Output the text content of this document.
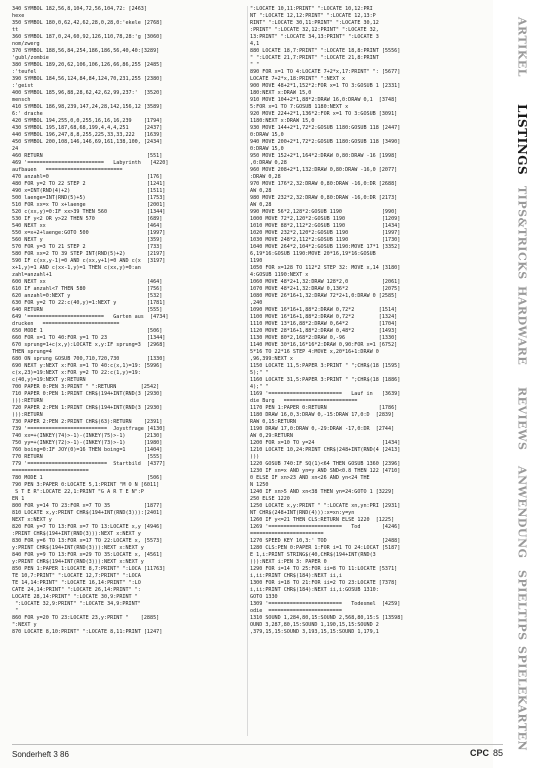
340 SYMBOL 182,56,8,104,72,56,104,72: [2463]
hexe
350 SYMBOL 180,0,62,42,62,28,0,28,0:'ekele [2768]
tt
360 SYMBOL 187,0,24,60,92,126,110,78,28:'g [3060]
nom/zwerg
370 SYMBOL 188,56,84,254,186,186,56,40,40:[3289]
'gubl/zombie
380 SYMBOL 189,20,62,106,106,126,66,86,255 [2485]
:'teufel
390 SYMBOL 184,56,124,84,84,124,70,231,255 [2380]
:'geist
400 SYMBOL 185,96,88,28,62,42,62,99,237:'  [3520]
mensch
410 SYMBOL 186,98,239,147,24,28,142,156,12 [3589]
6:' drache
420 SYMBOL 194,255,0,0,255,16,16,16,239    [1794]
430 SYMBOL 195,187,68,68,199,4,4,4,251     [2437]
440 SYMBOL 196,247,8,8,255,225,33,33,222   [1639]
450 SYMBOL 200,108,146,146,69,161,138,100, [2434]
24
460 RETURN                                  [551]
469 '=========================   Labyrinth   [4220]
aufbauen   =========================
470 anzahl=0                                [176]
480 FOR y=2 TO 22 STEP 2                    [1241]
490 x=INT(RND(4)+2)                         [1511]
500 laenge=INT(RND(5)+5)                    [1753]
510 FOR xx=x TO x+laenge                    [2001]
520 c(xx,y)=0:IF xx>39 THEN 560             [1344]
530 IF y<2 OR y>22 THEN 570                 [689]
540 NEXT xx                                 [464]
550 x=x+2+laenge:GOTO 500                   [1997]
560 NEXT y                                  [359]
570 FOR y=3 TO 21 STEP 2                    [733]
580 FOR xx=2 TO 39 STEP INT(RND(5)+2)       [2197]
590 IF c(xx,y-1)=0 AND c(xx,y+1)=0 AND c(x  [3197]
x+1,y)=1 AND c(xx-1,y)=1 THEN c(xx,y)=0:an
zahl=anzahl+1
600 NEXT xx                                 [464]
610 IF anzahl<7 THEN 580                    [756]
620 anzahl=0:NEXT y                         [532]
630 FOR y=2 TO 22:c(40,y)=1:NEXT y          [1781]
640 RETURN                                  [555]
649 '=========================   Garten aus  [4734]
drucken   =========================
650 MODE 1                                  [506]
660 FOR x=1 TO 40:FOR y=1 TO 23             [1344]
670 sprung=1+c(x,y):LOCATE x,y:IF sprung=3  [2968]
THEN sprung=4
680 ON sprung GOSUB 700,710,720,730         [1330]
690 NEXT y:NEXT x:FOR x=1 TO 40:c(x,1)=19: [5996]
c(x,23)=19:NEXT x:FOR y=2 TO 22:c(1,y)=19:
c(40,y)=19:NEXT y:RETURN
700 PAPER 0:PEN 3:PRINT " ":RETURN        [2542]
710 PAPER 0:PEN 1:PRINT CHR$(194+INT(RND(3 [2930]
))):RETURN
720 PAPER 2:PEN 1:PRINT CHR$(194+INT(RND(3 [2930]
))):RETURN
730 PAPER 2:PEN 2:PRINT CHR$(63):RETURN    [2391]
739 '==========================  Joystfrage [4130]
740 xx=+(INKEY(74)>-1)-(INKEY(75)>-1)      [2130]
750 yy=+(INKEY(72)>-1)-(INKEY(73)>-1)      [1980]
760 boing=0:IF JOY(0)=16 THEN boing=1      [1404]
770 RETURN                                  [555]
779 '==========================  Startbild  [4377]
=========================
780 MODE 1                                  [506]
790 PEN 3:PAPER 0:LOCATE 5,1:PRINT "M O N [6011]
S T E R":LOCATE 22,1:PRINT "G A R T E N":P
EN 1
800 FOR y=14 TO 23:FOR x=7 TO 35           [1877]
810 LOCATE x,y:PRINT CHR$(194+INT(RND(3))):[2401]
NEXT x:NEXT y
820 FOR y=7 TO 13:FOR x=7 TO 13:LOCATE x,y [4946]
:PRINT CHR$(194+INT(RND(3))):NEXT x:NEXT y
830 FOR y=6 TO 13:FOR x=17 TO 22:LOCATE x, [5573]
y:PRINT CHR$(194+INT(RND(3))):NEXT x:NEXT y
840 FOR y=9 TO 13:FOR x=29 TO 35:LOCATE x, [4561]
y:PRINT CHR$(194+INT(RND(3))):NEXT x:NEXT y
850 PEN 1:PAPER 1:LOCATE 8,7:PRINT" ":LOCA [11763]
TE 10,7:PRINT" ":LOCATE 12,7:PRINT" ":LOCA
TE 14,14:PRINT" ":LOCATE 16,14:PRINT" ":LO
CATE 24,14:PRINT" ":LOCATE 26,14:PRINT" ":
LOCATE 28,14:PRINT" ":LOCATE 30,9:PRINT "
":LOCATE 32,9:PRINT" ":LOCATE 34,9:PRINT"
"
860 FOR y=20 TO 23:LOCATE 23,y:PRINT "    [2885]
":NEXT y
870 LOCATE 8,10:PRINT" ":LOCATE 8,11:PRINT [1247]
":LOCATE 10,11:PRINT" ":LOCATE 10,12:PRI
NT ":LOCATE 12,12:PRINT" ":LOCATE 12,13:P
RINT" ":LOCATE 30,11:PRINT" ":LOCATE 30,12
:PRINT" ":LOCATE 32,12:PRINT" ":LOCATE 32,
13:PRINT" ":LOCATE 34,13:PRINT" ":LOCATE 3
4,1
880 LOCATE 18,7:PRINT" ":LOCATE 18,8:PRINT [5556]
" ":LOCATE 21,7:PRINT" ":LOCATE 21,8:PRINT
" "
890 FOR x=1 TO 4:LOCATE 7+2*x,17:PRINT" ": [5677]
LOCATE 7+2*x,18:PRINT" ":NEXT x
900 MOVE 48+2*1,152*2:FOR x=1 TO 3:GOSUB 1 [2331]
180:NEXT x:DRAW 15,0
910 MOVE 104+2*1,88*2:DRAW 16,0:DRAW 0,1  [3748]
5:FOR x=1 TO 7:GOSUB 1180:NEXT x
920 MOVE 224+2*1,136*2:FOR x=1 TO 3:GOSUB [3091]
1180:NEXT x:DRAW 15,0
930 MOVE 144+2*1,72*2:GOSUB 1180:GOSUB 118 [2447]
0:DRAW 15,0
940 MOVE 200+2*1,72*2:GOSUB 1180:GOSUB 118 [3490]
0:DRAW 15,0
950 MOVE 152+2*1,164*2:DRAW 0,80:DRAW -16 [1998]
,0:DRAW 0,28
960 MOVE 208+2*1,132:DRAW 0,80:DRAW -16,0 [2077]
:DRAW 0,28
970 MOVE 176*2,32:DRAW 0,80:DRAW -16,0:DR [2688]
AW 0,28
980 MOVE 232*2,32:DRAW 0,80:DRAW -16,0:DR [2173]
AW 0,28
990 MOVE 56*2,128*2:GOSUB 1190             [990]
1000 MOVE 72*2,120*2:GOSUB 1190            [1209]
1010 MOVE 88*2,112*2:GOSUB 1190            [1434]
1020 MOVE 232*2,120*2:GOSUB 1190           [1997]
1030 MOVE 248*2,112*2:GOSUB 1190           [1730]
1040 MOVE 264*2,104*2:GOSUB 1190:MOVE 17*1 [3352]
6,19*16:GOSUB 1190:MOVE 20*16,19*16:GOSUB
1190
1050 FOR x=128 TO 112*2 STEP 32: MOVE x,14 [3180]
4:GOSUB 1190:NEXT x
1060 MOVE 48*2+1,32:DRAW 128*2,0           [2061]
1070 MOVE 48*2+1,32:DRAW 0,136*2           [2075]
1080 MOVE 26*16+1,32:DRAW 72*2+1,0:DRAW 0 [2585]
,240
1090 MOVE 16*16+1,88*2:DRAW 0,72*2        [1514]
1100 MOVE 16*16+1,88*2:DRAW 0,72*2        [1324]
1110 MOVE 13*16,88*2:DRAW 0,64*2          [1704]
1120 MOVE 28*16+1,88*2:DRAW 0,48*2        [1493]
1130 MOVE 80*2,168*2:DRAW 0,-96           [1330]
1140 MOVE 30*16,16*16*2:DRAW 0,90:FOR x=1 [6752]
5*16 TO 22*16 STEP 4:MOVE x,20*16+1:DRAW 0
,96,399:NEXT x
1150 LOCATE 11,5:PAPER 3:PRINT " ";CHR$(18 [1595]
5);" "
1160 LOCATE 31,5:PAPER 3:PRINT " ";CHR$(18 [1886]
4);" "
1169 '========================   Lauf in   [3639]
die Burg   ========================
1170 PEN 1:PAPER 0:RETURN                 [1786]
1180 DRAW 16,0,3:DRAW 0,-15:DRAW 17,0:D  [2839]
RAW 0,15:RETURN
1190 DRAW 17,0:DRAW 0,-29:DRAW -17,0:DR  [2744]
AW 0,29:RETURN
1200 FOR x=10 TO y=24                      [1434]
1210 LOCATE 10,24:PRINT CHR$(248+INT(RND(4 [2413]
)))
1220 GOSUB 740:IF SQ(1)<64 THEN GOSUB 1360 [2396]
1230 IF xn=x AND yn=y AND SND<0.8 THEN 122 [4710]
0 ELSE IF xn>23 AND xn<26 AND yn<24 THE
N 1250
1240 IF xn>5 AND xn<38 THEN yn=24:GOTO 1 [3229]
250 ELSE 1220
1250 LOCATE x,y:PRINT " ":LOCATE xn,yn:PRI [2931]
NT CHR$(248+INT(RND(4))):x=xn:y=yn
1260 IF y<=21 THEN CLS:RETURN ELSE 1220  [1225]
1269 '========================   Tod       [4246]
========================
1270 SPEED KEY 10,3:' TOD                  [2488]
1280 CLS:PEN 0:PAPER 1:FOR i=1 TO 24:LOCAT [5187]
E 1,i:PRINT STRING$(40,CHR$(194+INT(RND(3
))):NEXT i:PEN 3: PAPER 0
1290 FOR i=14 TO 25:FOR ii=8 TO 11:LOCATE [5371]
i,ii:PRINT CHR$(184):NEXT ii,i
1300 FOR i=18 TO 21:FOR ii=2 TO 23:LOCATE [7378]
i,ii:PRINT CHR$(184):NEXT ii,i:GOSUB 1310:
GOTO 1330
1309 '========================   Todesmel  [4259]
odie  ========================
1310 SOUND 1,284,80,15:SOUND 2,568,80,15:S [13598]
OUND 3,287,80,15:SOUND 1,190,15,15:SOUND 2
,379,15,15:SOUND 3,193,15,15:SOUND 1,179,1
ARTIKEL
LISTINGS
TIPS&TRICKS
HARDWARE
REVIEWS
ANWENDUNG
SPIELTIPS
SPIELEKARTEN
Sonderheft 3 86	CPC 85
